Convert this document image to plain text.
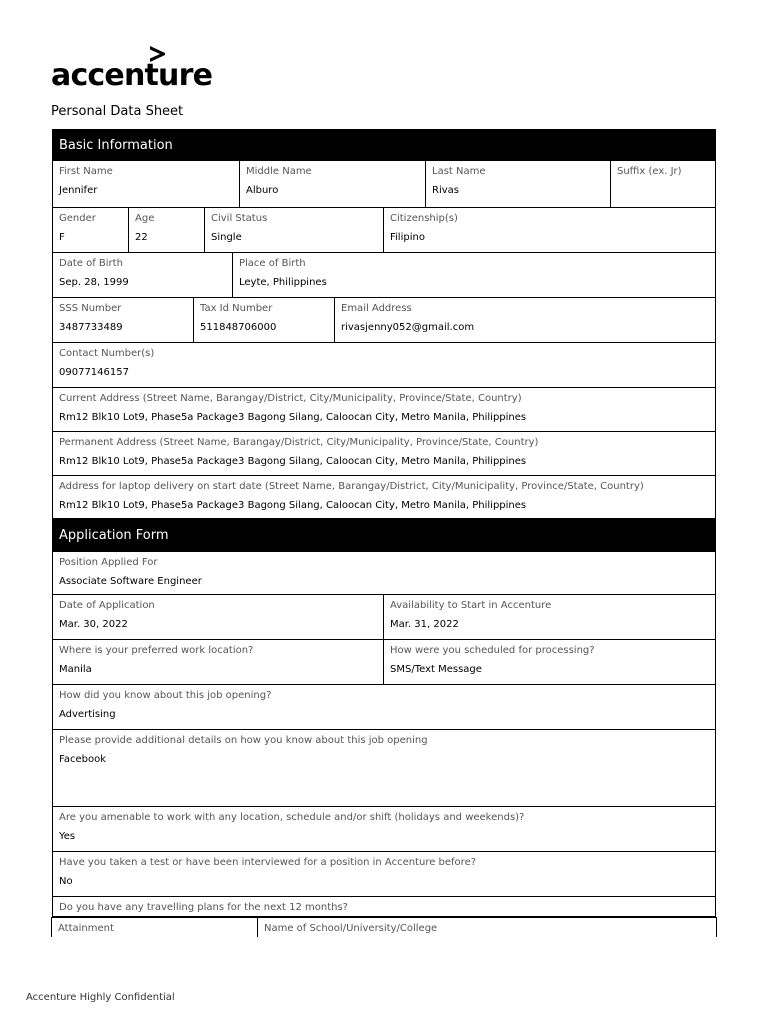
accenture
Personal Data Sheet
Basic Information
First Name
Jennifer
Middle Name
Alburo
Last Name
Rivas
Suffix (ex. Jr)
Gender
F
Age
22
Civil Status
Single
Citizenship(s)
Filipino
Date of Birth
Sep. 28, 1999
Place of Birth
Leyte, Philippines
SSS Number
3487733489
Tax Id Number
511848706000
Email Address
rivasjenny052@gmail.com
Contact Number(s)
09077146157
Current Address (Street Name, Barangay/District, City/Municipality, Province/State, Country)
Rm12 Blk10 Lot9, Phase5a Package3 Bagong Silang, Caloocan City, Metro Manila, Philippines
Permanent Address (Street Name, Barangay/District, City/Municipality, Province/State, Country)
Rm12 Blk10 Lot9, Phase5a Package3 Bagong Silang, Caloocan City, Metro Manila, Philippines
Address for laptop delivery on start date (Street Name, Barangay/District, City/Municipality, Province/State, Country)
Rm12 Blk10 Lot9, Phase5a Package3 Bagong Silang, Caloocan City, Metro Manila, Philippines
Application Form
Position Applied For
Associate Software Engineer
Date of Application
Mar. 30, 2022
Availability to Start in Accenture
Mar. 31, 2022
Where is your preferred work location?
Manila
How were you scheduled for processing?
SMS/Text Message
How did you know about this job opening?
Advertising
Please provide additional details on how you know about this job opening
Facebook
Are you amenable to work with any location, schedule and/or shift (holidays and weekends)?
Yes
Have you taken a test or have been interviewed for a position in Accenture before?
No
Do you have any travelling plans for the next 12 months?
Attainment	Name of School/University/College
Accenture Highly Confidential
